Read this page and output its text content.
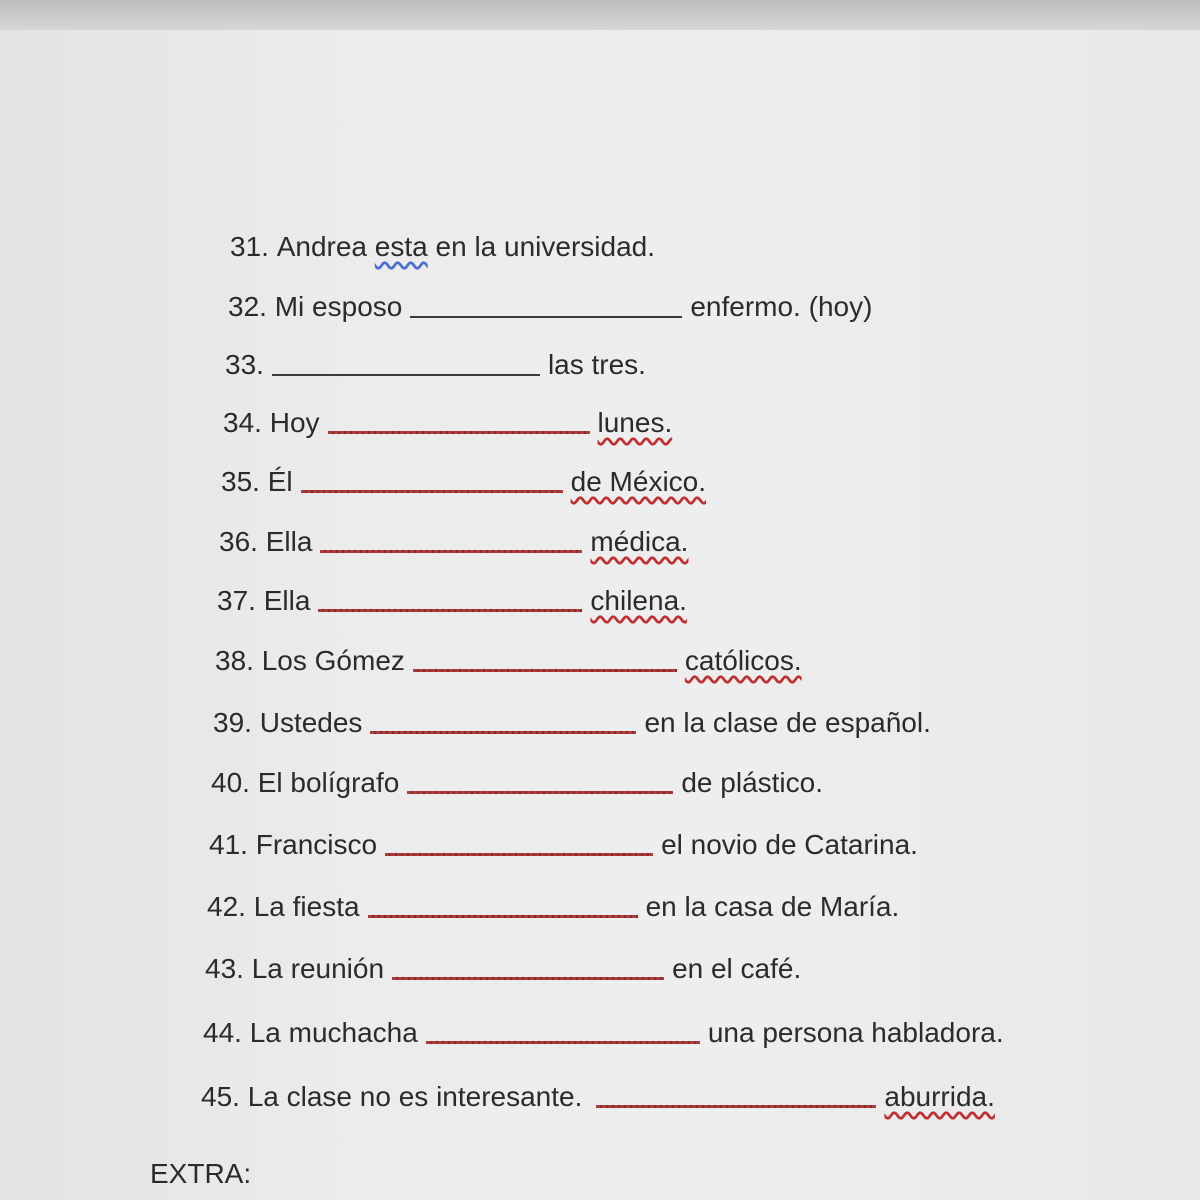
31.
Andrea
esta
en la universidad.
32.
Mi esposo	enfermo. (hoy)
33.	las tres.
34.
Hoy	lunes.
35.
Él	de México.
36.
Ella	médica.
37.
Ella	chilena.
38.
Los Gómez	católicos.
39.
Ustedes	en la clase de español.
40.
El bolígrafo	de plástico.
41.
Francisco	el novio de Catarina.
42.
La fiesta	en la casa de María.
43.
La reunión	en el café.
44.
La muchacha	una persona habladora.
45.
La clase no es interesante.	aburrida.
EXTRA:
